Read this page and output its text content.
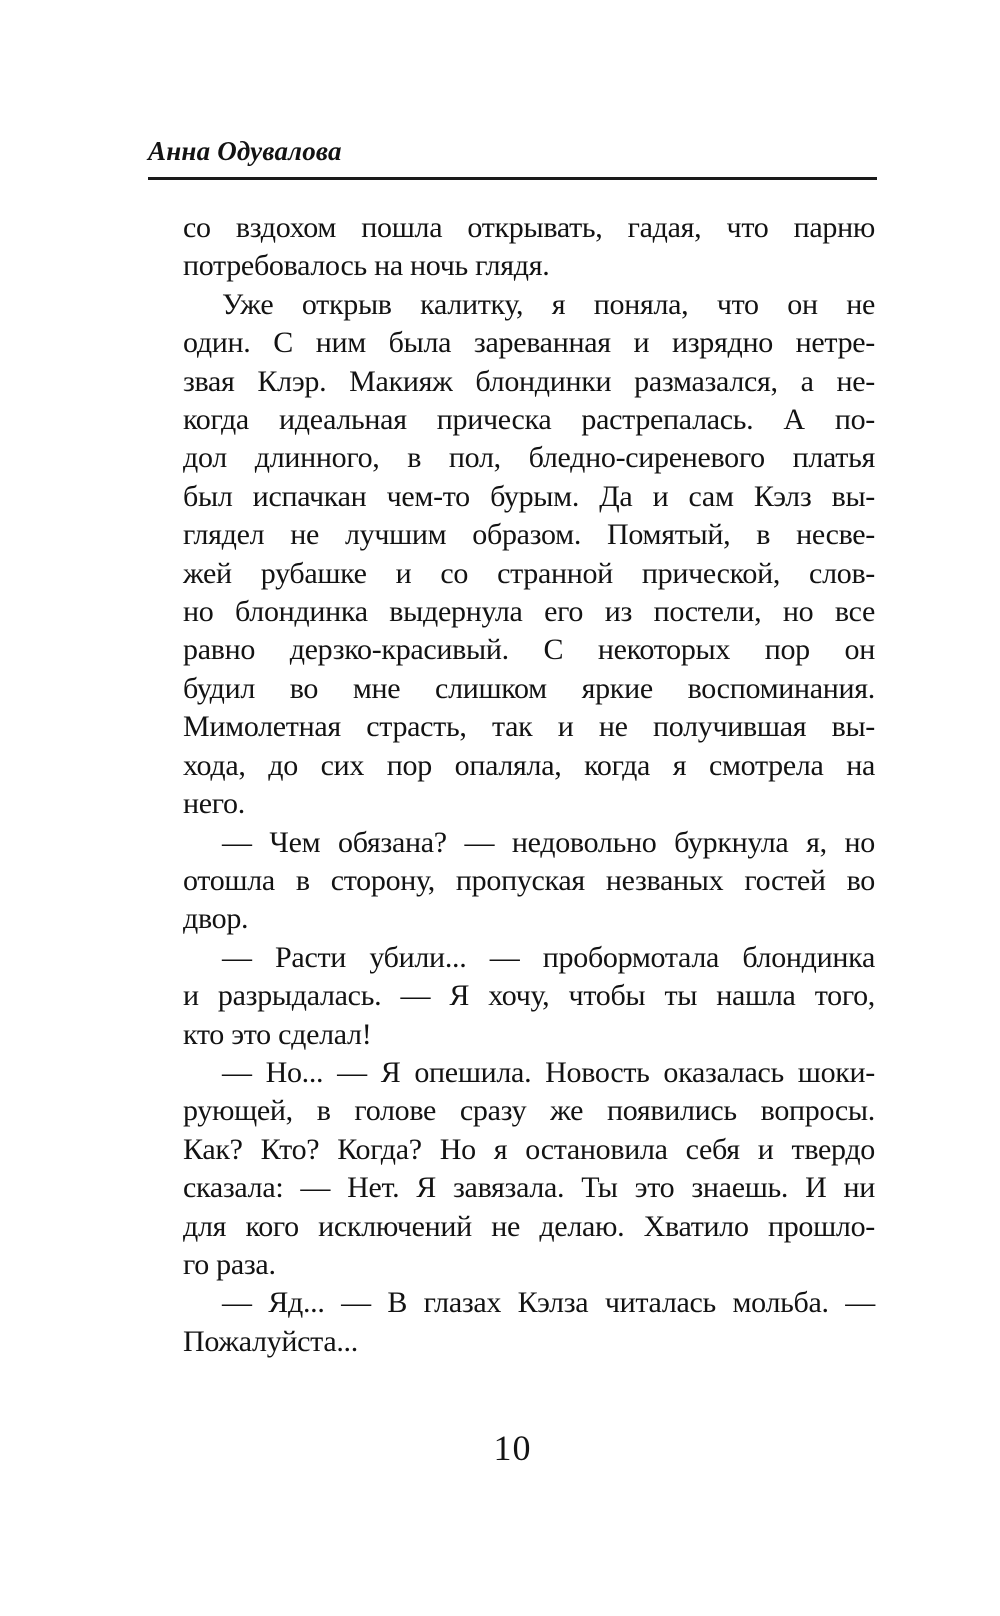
Анна Одувалова
со вздохом пошла открывать, гадая, что парню
потребовалось на ночь глядя.
Уже открыв калитку, я поняла, что он не
один. С ним была зареванная и изрядно нетре-
звая Клэр. Макияж блондинки размазался, а не-
когда идеальная прическа растрепалась. А по-
дол длинного, в пол, бледно-сиреневого платья
был испачкан чем-то бурым. Да и сам Кэлз вы-
глядел не лучшим образом. Помятый, в несве-
жей рубашке и со странной прической, слов-
но блондинка выдернула его из постели, но все
равно дерзко-красивый. С некоторых пор он
будил во мне слишком яркие воспоминания.
Мимолетная страсть, так и не получившая вы-
хода, до сих пор опаляла, когда я смотрела на
него.
— Чем обязана? — недовольно буркнула я, но
отошла в сторону, пропуская незваных гостей во
двор.
— Расти убили... — пробормотала блондинка
и разрыдалась. — Я хочу, чтобы ты нашла того,
кто это сделал!
— Но... — Я опешила. Новость оказалась шоки-
рующей, в голове сразу же появились вопросы.
Как? Кто? Когда? Но я остановила себя и твердо
сказала: — Нет. Я завязала. Ты это знаешь. И ни
для кого исключений не делаю. Хватило прошло-
го раза.
— Яд... — В глазах Кэлза читалась мольба. —
Пожалуйста...
10
